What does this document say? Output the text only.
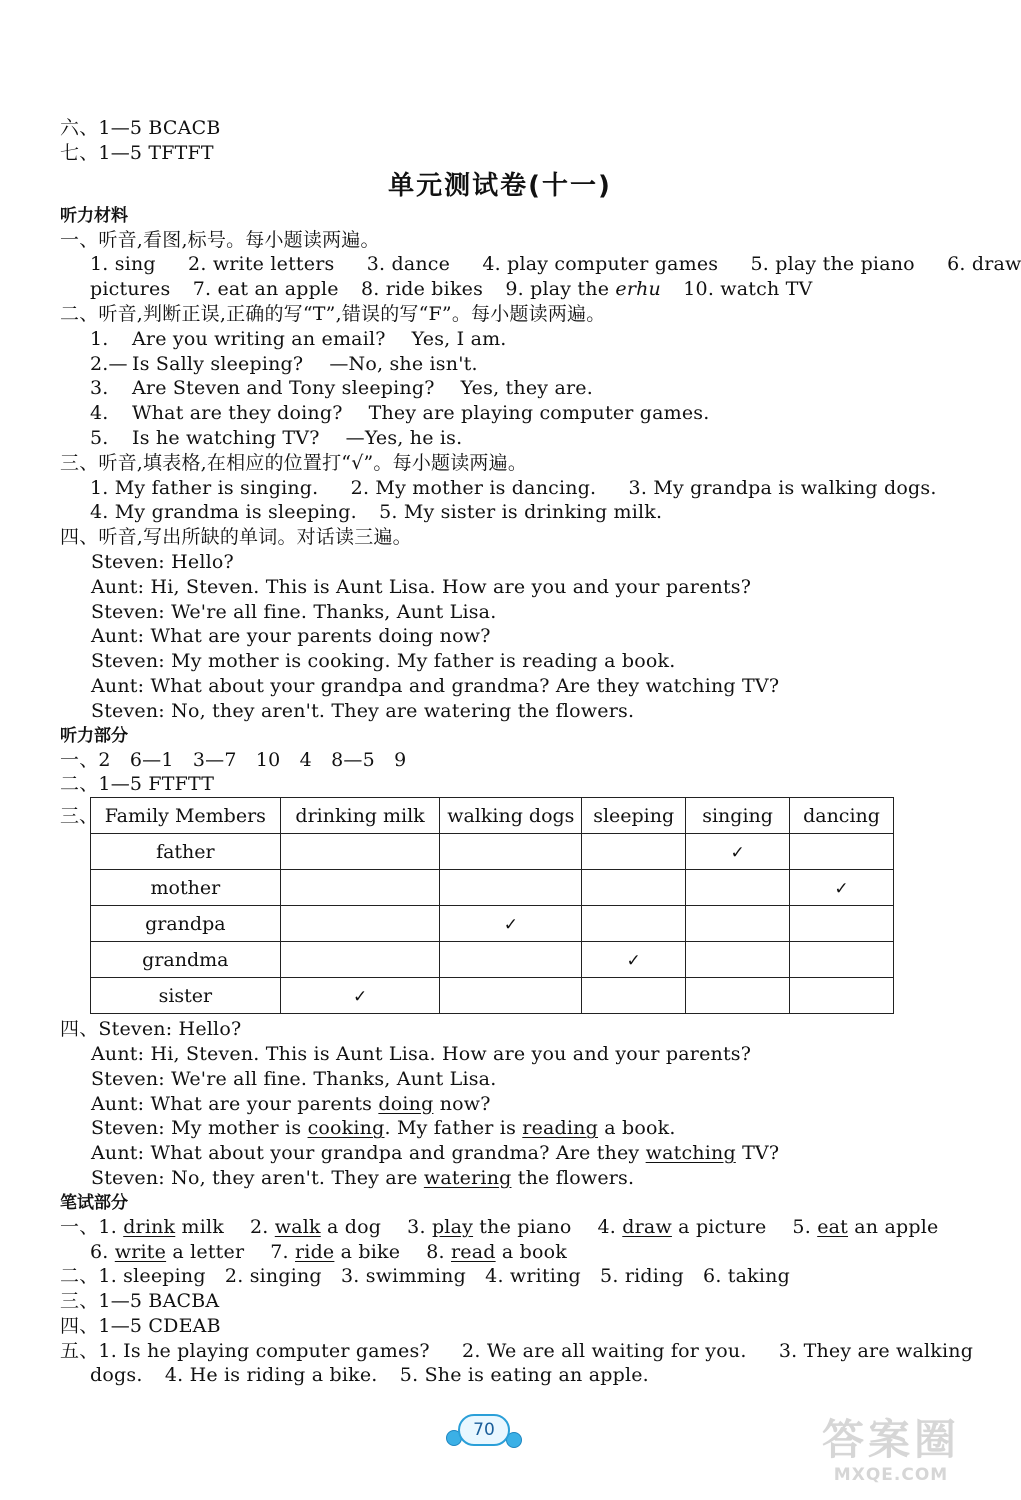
六、1—5 BCACB
七、1—5 TFTFT
单元测试卷(十一)
听力材料
一、听音,看图,标号。每小题读两遍。
1. sing 2. write letters 3. dance 4. play computer games 5. play the piano 6. draw
pictures 7. eat an apple 8. ride bikes 9. play the erhu 10. watch TV
二、听音,判断正误,正确的写“T”,错误的写“F”。每小题读两遍。
1. Are you writing an email? Yes, I am.
2.— Is Sally sleeping? —No, she isn't.
3. Are Steven and Tony sleeping? Yes, they are.
4. What are they doing? They are playing computer games.
5. Is he watching TV? —Yes, he is.
三、听音,填表格,在相应的位置打“√”。每小题读两遍。
1. My father is singing. 2. My mother is dancing. 3. My grandpa is walking dogs.
4. My grandma is sleeping. 5. My sister is drinking milk.
四、听音,写出所缺的单词。对话读三遍。
Steven: Hello?
Aunt: Hi, Steven. This is Aunt Lisa. How are you and your parents?
Steven: We're all fine. Thanks, Aunt Lisa.
Aunt: What are your parents doing now?
Steven: My mother is cooking. My father is reading a book.
Aunt: What about your grandpa and grandma? Are they watching TV?
Steven: No, they aren't. They are watering the flowers.
听力部分
一、2　6—1　3—7　10　4　8—5　9
二、1—5 FTFTT
三、 Family Members	drinking milk	walking dogs	sleeping	singing	dancing
father				✓	
mother					✓
grandpa		✓			
grandma			✓		
sister	✓				
四、Steven: Hello?
Aunt: Hi, Steven. This is Aunt Lisa. How are you and your parents?
Steven: We're all fine. Thanks, Aunt Lisa.
Aunt: What are your parents doing now?
Steven: My mother is cooking. My father is reading a book.
Aunt: What about your grandpa and grandma? Are they watching TV?
Steven: No, they aren't. They are watering the flowers.
笔试部分
一、1. drink milk 2. walk a dog 3. play the piano 4. draw a picture 5. eat an apple
6. write a letter 7. ride a bike 8. read a book
二、1. sleeping　2. singing　3. swimming　4. writing　5. riding　6. taking
三、1—5 BACBA
四、1—5 CDEAB
五、1. Is he playing computer games? 2. We are all waiting for you. 3. They are walking
dogs. 4. He is riding a bike. 5. She is eating an apple.
70	答案圈
MXQE.COM
